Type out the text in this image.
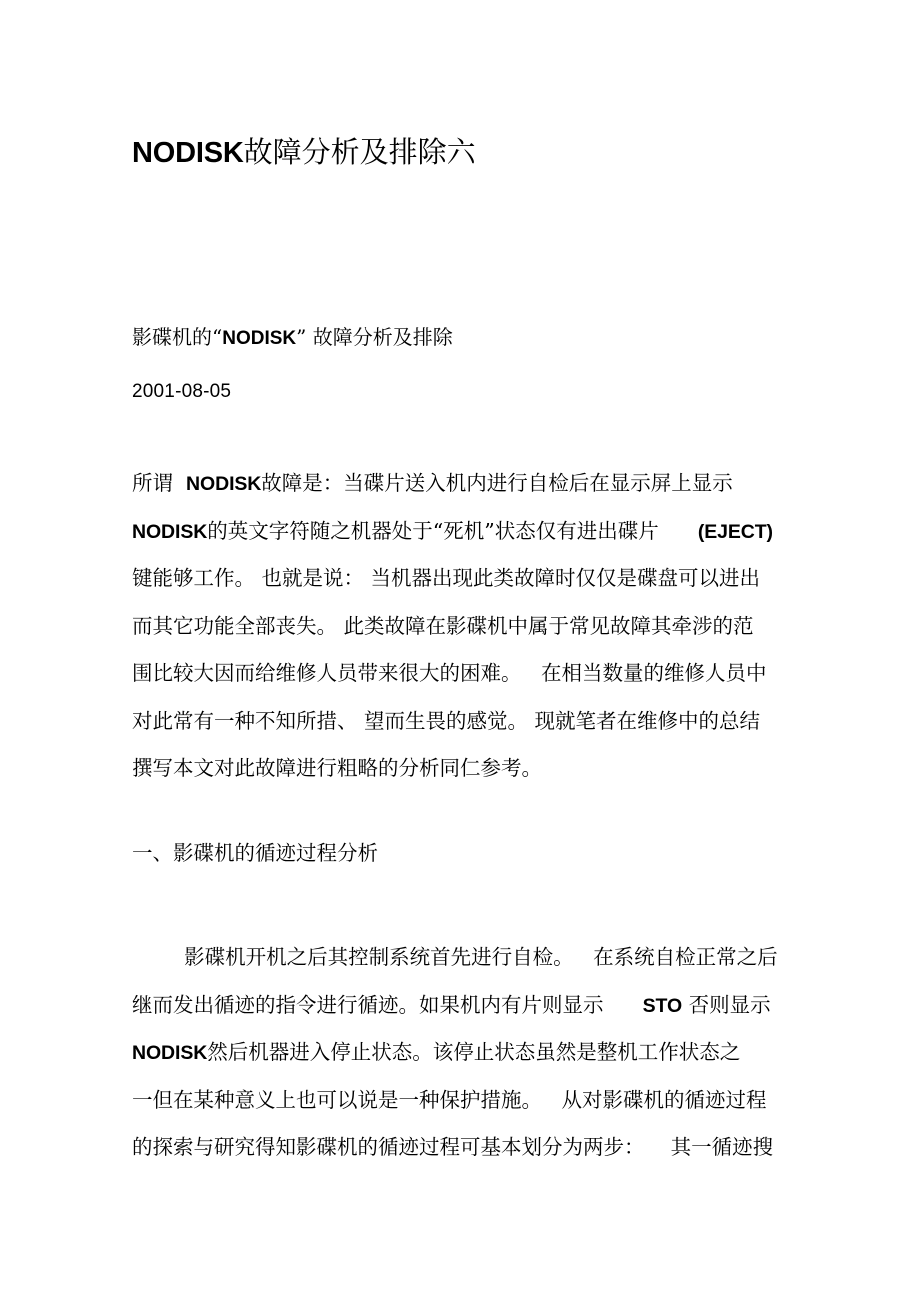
NODISK故障分析及排除六
影碟机的“NODISK” 故障分析及排除
2001-08-05
所谓  NODISK故障是：当碟片送入机内进行自检后在显示屏上显示
NODISK的英文字符随之机器处于“死机”状态仅有进出碟片      (EJECT)
键能够工作。 也就是说： 当机器出现此类故障时仅仅是碟盘可以进出
而其它功能全部丧失。 此类故障在影碟机中属于常见故障其牵涉的范
围比较大因而给维修人员带来很大的困难。   在相当数量的维修人员中
对此常有一种不知所措、 望而生畏的感觉。 现就笔者在维修中的总结
撰写本文对此故障进行粗略的分析同仁参考。
一、影碟机的循迹过程分析
影碟机开机之后其控制系统首先进行自检。   在系统自检正常之后
继而发出循迹的指令进行循迹。如果机内有片则显示      STO 否则显示
NODISK然后机器进入停止状态。该停止状态虽然是整机工作状态之
一但在某种意义上也可以说是一种保护措施。   从对影碟机的循迹过程
的探索与研究得知影碟机的循迹过程可基本划分为两步：    其一循迹搜
